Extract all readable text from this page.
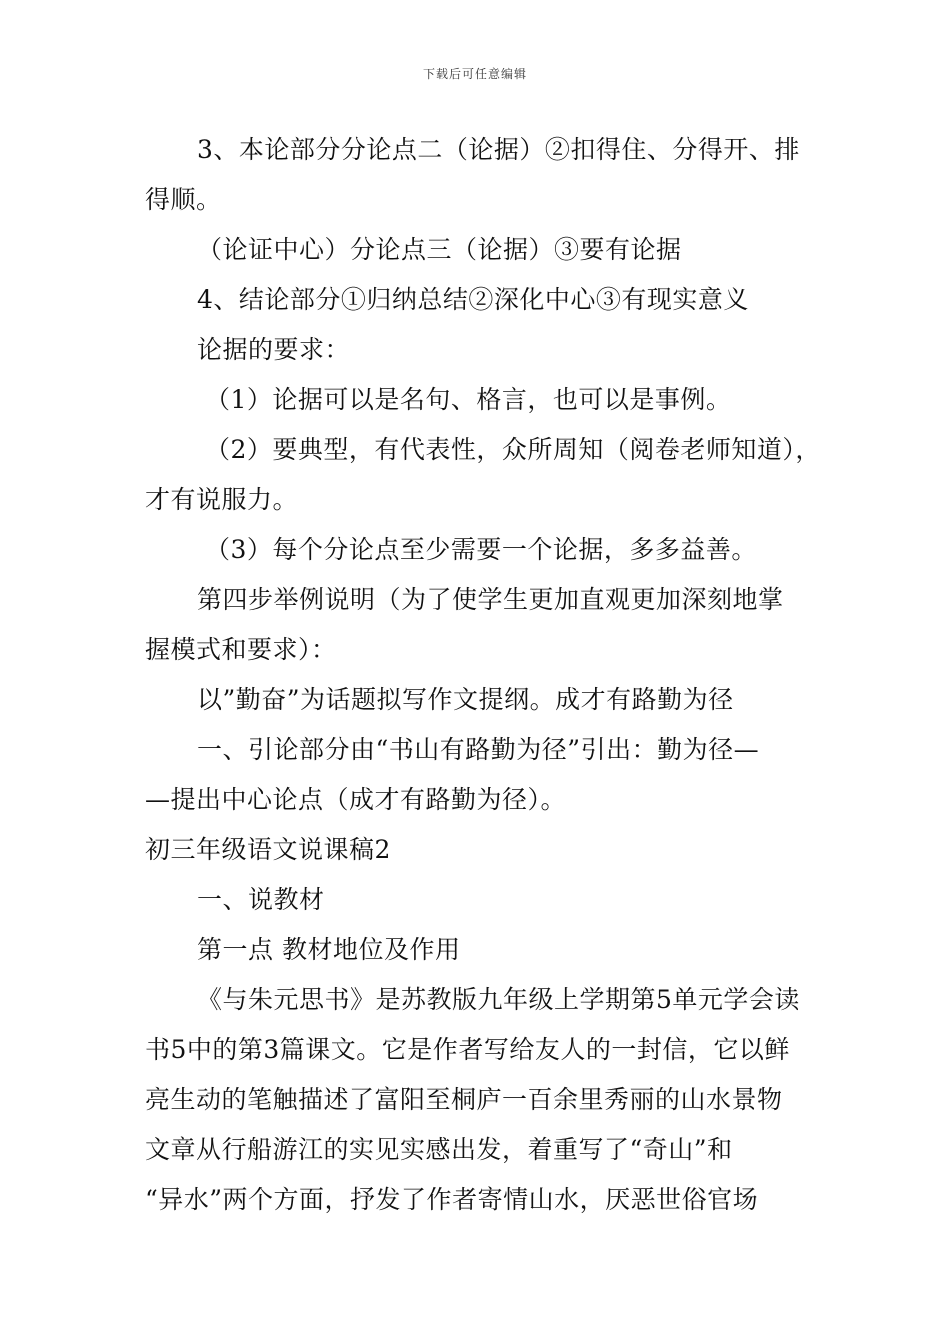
下载后可任意编辑
3、本论部分分论点二（论据）②扣得住、分得开、排
得顺。
（论证中心）分论点三（论据）③要有论据
4、结论部分①归纳总结②深化中心③有现实意义
论据的要求：
（1）论据可以是名句、格言，也可以是事例。
（2）要典型，有代表性，众所周知（阅卷老师知道），
才有说服力。
（3）每个分论点至少需要一个论据，多多益善。
第四步举例说明（为了使学生更加直观更加深刻地掌
握模式和要求）：
以”勤奋”为话题拟写作文提纲。成才有路勤为径
一、引论部分由“书山有路勤为径”引出：勤为径—
—提出中心论点（成才有路勤为径）。
初三年级语文说课稿2
一、说教材
第一点 教材地位及作用
《与朱元思书》是苏教版九年级上学期第5单元学会读
书5中的第3篇课文。它是作者写给友人的一封信，它以鲜
亮生动的笔触描述了富阳至桐庐一百余里秀丽的山水景物
文章从行船游江的实见实感出发，着重写了“奇山”和
“异水”两个方面，抒发了作者寄情山水，厌恶世俗官场
